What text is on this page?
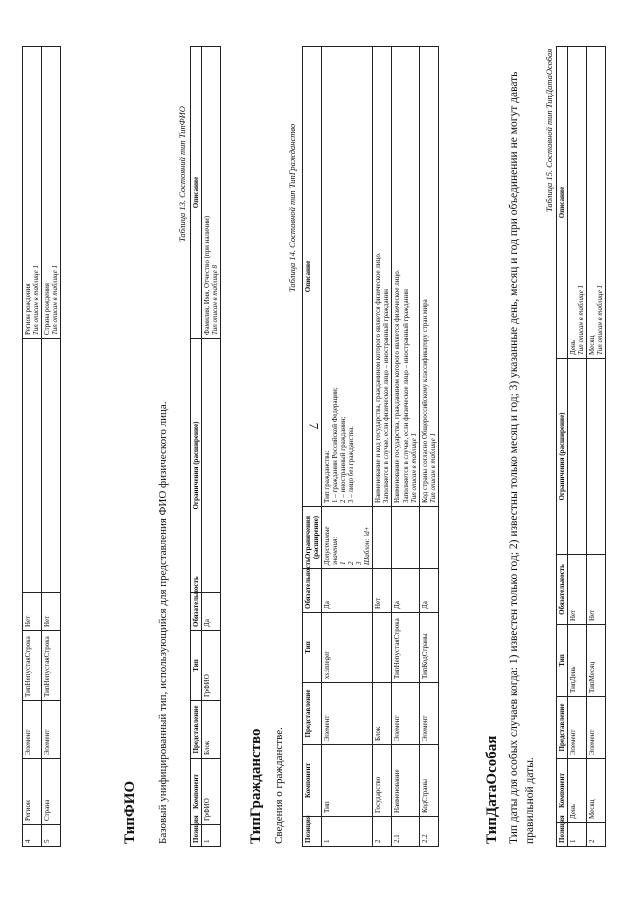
7
4	Регион	Элемент	ТипНепустаяСтрока	Нет		Регион рождения Тип описан в таблице 1

5	Страна	Элемент	ТипНепустаяСтрока	Нет		Страна рождения Тип описан в таблице 1
ТипФИО Базовый унифицированный тип, использующийся для представления ФИО физического лица.

Таблица 13. Состояний тип ТипФИО
Позиция	Компонент	Представление	Тип	Обязательность	Ограничения (расширение)	Описание
1	ГрФИО	Блок	ГрФИО	Да		Фамилия, Имя, Отчество (при наличии) Тип описан в таблице 8
ТипГражданство Сведения о гражданстве.

Таблица 14. Составной тип ТипГражданство
Позиция	Компонент	Представление	Тип	Обязательность	Ограничения (расширение)	Описание
1	Тип	Элемент	xs:integer	Да	Допустимые значения: 1 2 3 Шаблон: \d+	Тип гражданства: 1 – гражданин Российской Федерации; 2 – иностранный гражданин; 3 – лицо без гражданства.

2	Государство	Блок		Нет		Наименование и код государства, гражданином которого является физическое лицо. Заполняется в случае, если физическое лицо – иностранный гражданин

2.1	Наименование	Элемент	ТипНепустаяСтрока	Да		Наименование государства, гражданином которого является физическое лицо. Заполняется в случае, если физическое лицо – иностранный гражданин Тип описан в таблице 1

2.2	КодСтраны	Элемент	ТипКодСтраны	Да		Код страны согласно Общероссийскому классификатору стран мира Тип описан в таблице 1
ТипДатаОсобая Тип даты для особых случаев когда: 1) известен только год; 2) известны только месяц и год; 3) указанные день, месяц и год при объединении не могут давать правильной даты.

Таблица 15. Составной тип ТипДатаОсобая
Позиция	Компонент	Представление	Тип	Обязательность	Ограничения (расширение)	Описание
1	День	Элемент	ТипДень	Нет		День Тип описан в таблице 1

2	Месяц	Элемент	ТипМесяц	Нет		Месяц Тип описан в таблице 1
